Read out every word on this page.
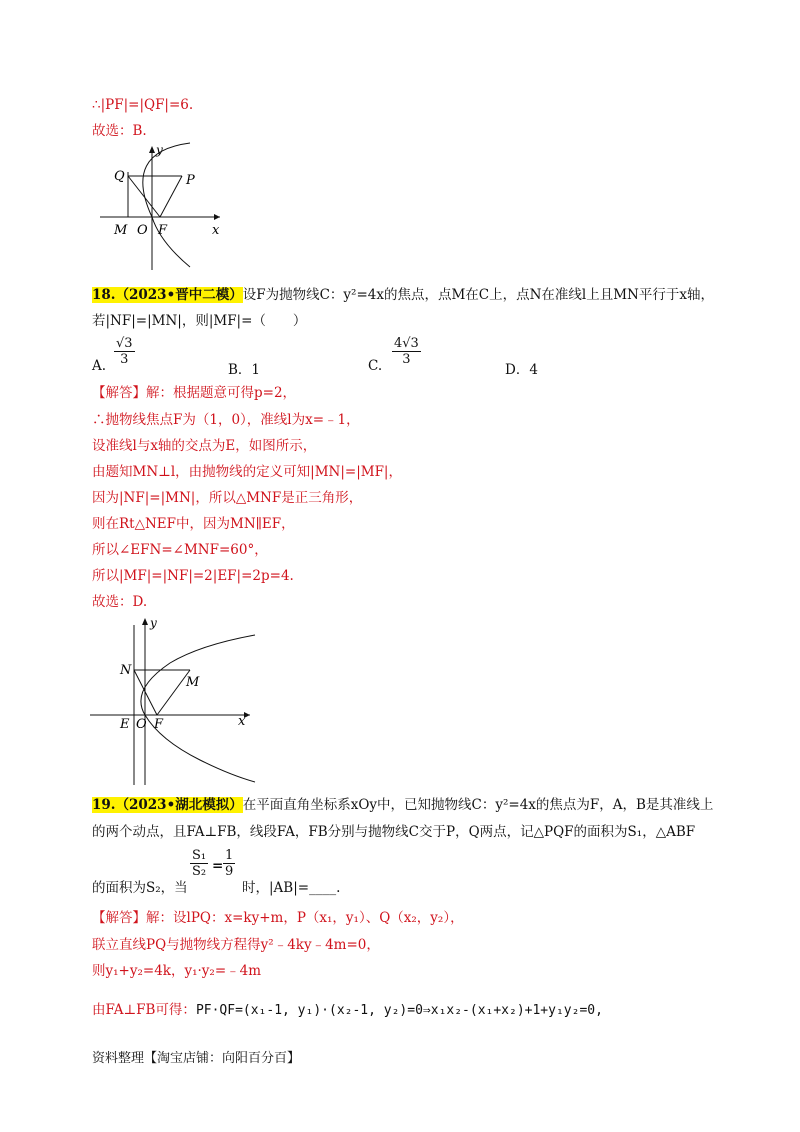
∴|PF|=|QF|=6.
故选：B.
y
x
Q	P
M O F
18.（2023•晋中二模）设F为抛物线C：y²=4x的焦点，点M在C上，点N在准线l上且MN平行于x轴，
若|NF|=|MN|，则|MF|=（　　）
A. $\frac{√3}{3}$
B．1	C. $\frac{4√3}{3}$
D．4
【解答】解：根据题意可得p=2，
∴抛物线焦点F为（1，0），准线l为x=﹣1，
设准线l与x轴的交点为E，如图所示，
由题知MN⊥l，由抛物线的定义可知|MN|=|MF|，
因为|NF|=|MN|，所以△MNF是正三角形，
则在Rt△NEF中，因为MN∥EF，
所以∠EFN=∠MNF=60°，
所以|MF|=|NF|=2|EF|=2p=4.
故选：D.
y
x
N
M
E O F
19.（2023•湖北模拟）在平面直角坐标系xOy中，已知抛物线C：y²=4x的焦点为F，A，B是其准线上
的两个动点，且FA⊥FB，线段FA，FB分别与抛物线C交于P，Q两点，记△PQF的面积为S₁，△ABF
的面积为S₂，当
$\frac{\text{S₁}}{\text{S₂}} = \frac{1}{9}$
时，|AB|=____.
【解答】解：设lPQ：x=ky+m，P（x₁，y₁）、Q（x₂，y₂），
联立直线PQ与抛物线方程得y²﹣4ky﹣4m=0，
则y₁+y₂=4k，y₁·y₂=﹣4m
由FA⊥FB可得：PF·QF=(x₁-1, y₁)·(x₂-1, y₂)=0⇒x₁x₂-(x₁+x₂)+1+y₁y₂=0,
资料整理【淘宝店铺：向阳百分百】
